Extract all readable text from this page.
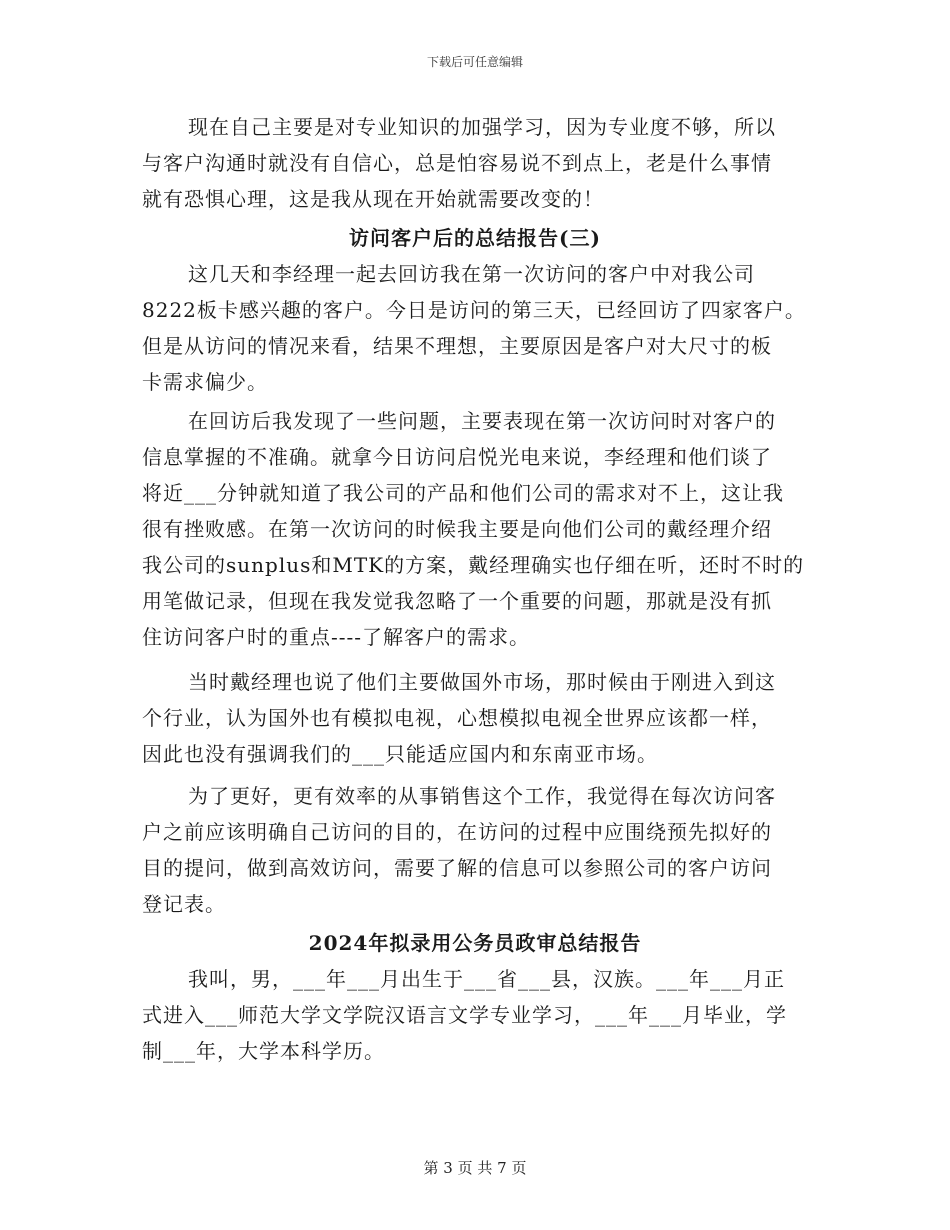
下载后可任意编辑
现在自己主要是对专业知识的加强学习，因为专业度不够，所以
与客户沟通时就没有自信心，总是怕容易说不到点上，老是什么事情
就有恐惧心理，这是我从现在开始就需要改变的！
访问客户后的总结报告(三)
这几天和李经理一起去回访我在第一次访问的客户中对我公司
8222板卡感兴趣的客户。今日是访问的第三天，已经回访了四家客户。
但是从访问的情况来看，结果不理想，主要原因是客户对大尺寸的板
卡需求偏少。
在回访后我发现了一些问题，主要表现在第一次访问时对客户的
信息掌握的不准确。就拿今日访问启悦光电来说，李经理和他们谈了
将近___分钟就知道了我公司的产品和他们公司的需求对不上，这让我
很有挫败感。在第一次访问的时候我主要是向他们公司的戴经理介绍
我公司的sunplus和MTK的方案，戴经理确实也仔细在听，还时不时的
用笔做记录，但现在我发觉我忽略了一个重要的问题，那就是没有抓
住访问客户时的重点----了解客户的需求。
当时戴经理也说了他们主要做国外市场，那时候由于刚进入到这
个行业，认为国外也有模拟电视，心想模拟电视全世界应该都一样，
因此也没有强调我们的___只能适应国内和东南亚市场。
为了更好，更有效率的从事销售这个工作，我觉得在每次访问客
户之前应该明确自己访问的目的，在访问的过程中应围绕预先拟好的
目的提问，做到高效访问，需要了解的信息可以参照公司的客户访问
登记表。
2024年拟录用公务员政审总结报告
我叫，男，___年___月出生于___省___县，汉族。___年___月正
式进入___师范大学文学院汉语言文学专业学习，___年___月毕业，学
制___年，大学本科学历。
第 3 页 共 7 页
